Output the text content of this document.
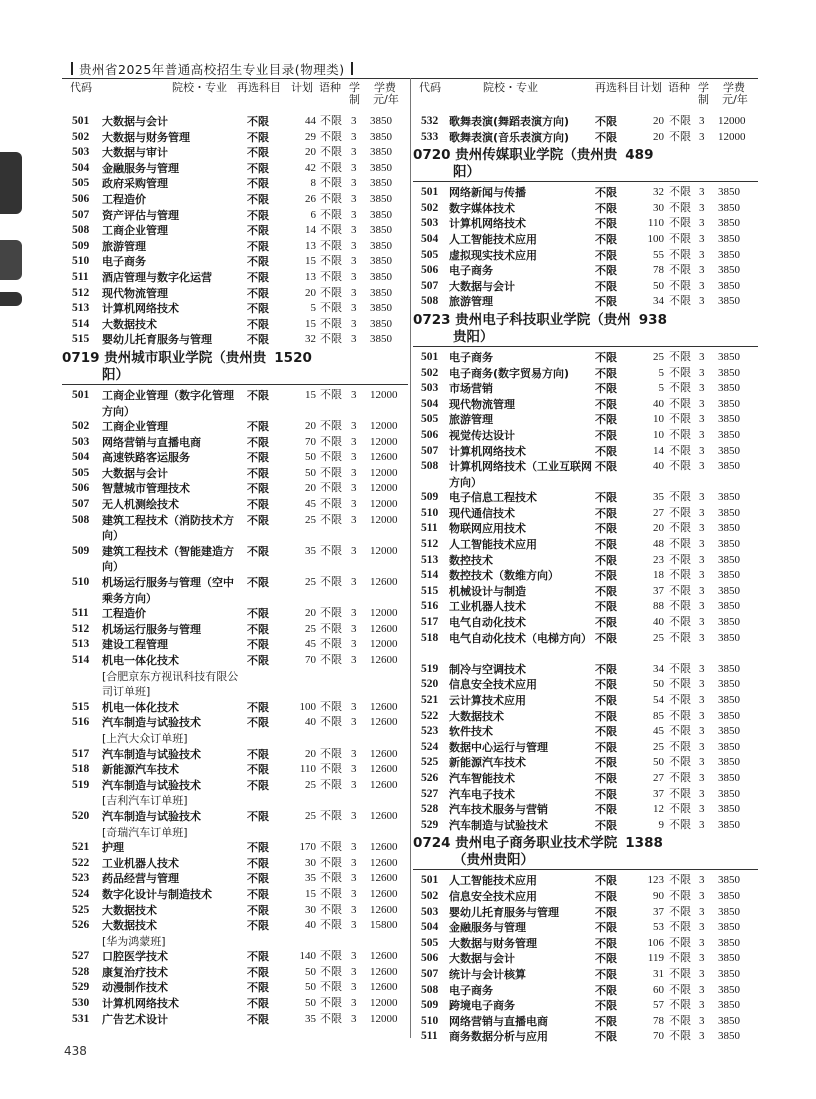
贵州省2025年普通高校招生专业目录(物理类)
代码	院校・专业 再选科目 计划 语种 学
制
学费
元/年
501 大数据与会计	不限	44 不限 3 3850
502 大数据与财务管理	不限	29 不限 3 3850
503 大数据与审计	不限	20 不限 3 3850
504 金融服务与管理	不限	42 不限 3 3850
505 政府采购管理	不限	8 不限 3 3850
506 工程造价	不限	26 不限 3 3850
507 资产评估与管理	不限	6 不限 3 3850
508 工商企业管理	不限	14 不限 3 3850
509 旅游管理	不限	13 不限 3 3850
510 电子商务	不限	15 不限 3 3850
511 酒店管理与数字化运营	不限	13 不限 3 3850
512 现代物流管理	不限	20 不限 3 3850
513 计算机网络技术	不限	5 不限 3 3850
514 大数据技术	不限	15 不限 3 3850
515 婴幼儿托育服务与管理	不限	32 不限 3 3850
0719 贵州城市职业学院（贵州贵 1520
阳）
501 工商企业管理（数字化管理方向）
不限	15 不限 3 12000
502 工商企业管理	不限	20 不限 3 12000
503 网络营销与直播电商	不限	70 不限 3 12000
504 高速铁路客运服务	不限	50 不限 3 12600
505 大数据与会计	不限	50 不限 3 12000
506 智慧城市管理技术	不限	20 不限 3 12000
507 无人机测绘技术	不限	45 不限 3 12000
508 建筑工程技术（消防技术方向）
不限	25 不限 3 12000
509 建筑工程技术（智能建造方向）
不限	35 不限 3 12000
510 机场运行服务与管理（空中乘务方向）
不限	25 不限 3 12600
511 工程造价	不限	20 不限 3 12000
512 机场运行服务与管理	不限	25 不限 3 12600
513 建设工程管理	不限	45 不限 3 12000
514 机电一体化技术
[合肥京东方视讯科技有限公司订单班]
不限	70 不限 3 12600
515 机电一体化技术	不限	100 不限 3 12600
516 汽车制造与试验技术
[上汽大众订单班]
不限	40 不限 3 12600
517 汽车制造与试验技术	不限	20 不限 3 12600
518 新能源汽车技术	不限	110 不限 3 12600
519 汽车制造与试验技术
[吉利汽车订单班]
不限	25 不限 3 12600
520 汽车制造与试验技术
[奇瑞汽车订单班]
不限	25 不限 3 12600
521 护理	不限	170 不限 3 12600
522 工业机器人技术	不限	30 不限 3 12600
523 药品经营与管理	不限	35 不限 3 12600
524 数字化设计与制造技术	不限	15 不限 3 12600
525 大数据技术	不限	30 不限 3 12600
526 大数据技术
[华为鸿蒙班]
不限	40 不限 3 15800
527 口腔医学技术	不限	140 不限 3 12600
528 康复治疗技术	不限	50 不限 3 12600
529 动漫制作技术	不限	50 不限 3 12600
530 计算机网络技术	不限	50 不限 3 12000
531 广告艺术设计	不限	35 不限 3 12000
代码	院校・专业	再选科目 计划 语种 学
制
学费
元/年
532 歌舞表演(舞蹈表演方向)	不限	20 不限 3 12000
533 歌舞表演(音乐表演方向)	不限	20 不限 3 12000
0720 贵州传媒职业学院（贵州贵 489
阳）
501 网络新闻与传播	不限	32 不限 3 3850
502 数字媒体技术	不限	30 不限 3 3850
503 计算机网络技术	不限	110 不限 3 3850
504 人工智能技术应用	不限	100 不限 3 3850
505 虚拟现实技术应用	不限	55 不限 3 3850
506 电子商务	不限	78 不限 3 3850
507 大数据与会计	不限	50 不限 3 3850
508 旅游管理	不限	34 不限 3 3850
0723 贵州电子科技职业学院（贵州 938
贵阳）
501 电子商务	不限	25 不限 3 3850
502 电子商务(数字贸易方向)	不限	5 不限 3 3850
503 市场营销	不限	5 不限 3 3850
504 现代物流管理	不限	40 不限 3 3850
505 旅游管理	不限	10 不限 3 3850
506 视觉传达设计	不限	10 不限 3 3850
507 计算机网络技术	不限	14 不限 3 3850
508 计算机网络技术（工业互联网方向）
不限	40 不限 3 3850
509 电子信息工程技术	不限	35 不限 3 3850
510 现代通信技术	不限	27 不限 3 3850
511 物联网应用技术	不限	20 不限 3 3850
512 人工智能技术应用	不限	48 不限 3 3850
513 数控技术	不限	23 不限 3 3850
514 数控技术（数维方向）	不限	18 不限 3 3850
515 机械设计与制造	不限	37 不限 3 3850
516 工业机器人技术	不限	88 不限 3 3850
517 电气自动化技术	不限	40 不限 3 3850
518 电气自动化技术（电梯方向） 不限	25 不限 3 3850
519 制冷与空调技术	不限	34 不限 3 3850
520 信息安全技术应用	不限	50 不限 3 3850
521 云计算技术应用	不限	54 不限 3 3850
522 大数据技术	不限	85 不限 3 3850
523 软件技术	不限	45 不限 3 3850
524 数据中心运行与管理	不限	25 不限 3 3850
525 新能源汽车技术	不限	50 不限 3 3850
526 汽车智能技术	不限	27 不限 3 3850
527 汽车电子技术	不限	37 不限 3 3850
528 汽车技术服务与营销	不限	12 不限 3 3850
529 汽车制造与试验技术	不限	9 不限 3 3850
0724 贵州电子商务职业技术学院 1388
（贵州贵阳）
501 人工智能技术应用	不限	123 不限 3 3850
502 信息安全技术应用	不限	90 不限 3 3850
503 婴幼儿托育服务与管理	不限	37 不限 3 3850
504 金融服务与管理	不限	53 不限 3 3850
505 大数据与财务管理	不限	106 不限 3 3850
506 大数据与会计	不限	119 不限 3 3850
507 统计与会计核算	不限	31 不限 3 3850
508 电子商务	不限	60 不限 3 3850
509 跨境电子商务	不限	57 不限 3 3850
510 网络营销与直播电商	不限	78 不限 3 3850
511 商务数据分析与应用	不限	70 不限 3 3850
438
